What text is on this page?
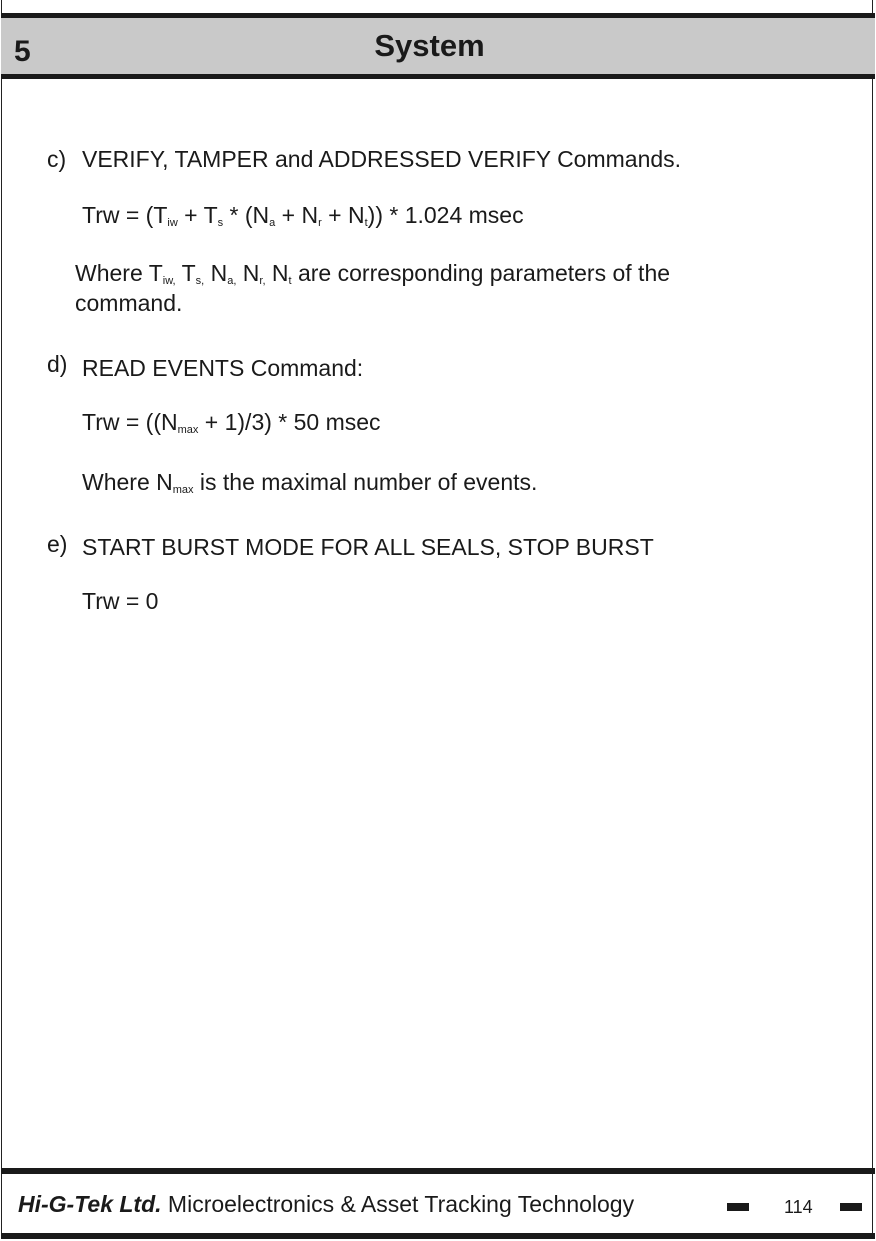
5	System
c) VERIFY, TAMPER and ADDRESSED VERIFY Commands.
Trw = $(T_{iw} + T_s * (N_a + N_r + N_t)) * 1.024$ msec
Where $T_{iw,}$ $T_{s,}$ $N_{a,}$ $N_{r,}$ $N_t$ are corresponding parameters of the
command.
d) READ EVENTS Command:
Trw = $((N_{max} + 1)/3) * 50$ msec
Where $N_{max}$ is the maximal number of events.
e) START BURST MODE FOR ALL SEALS, STOP BURST
Trw = 0
Hi-G-Tek Ltd. Microelectronics & Asset Tracking Technology	114
